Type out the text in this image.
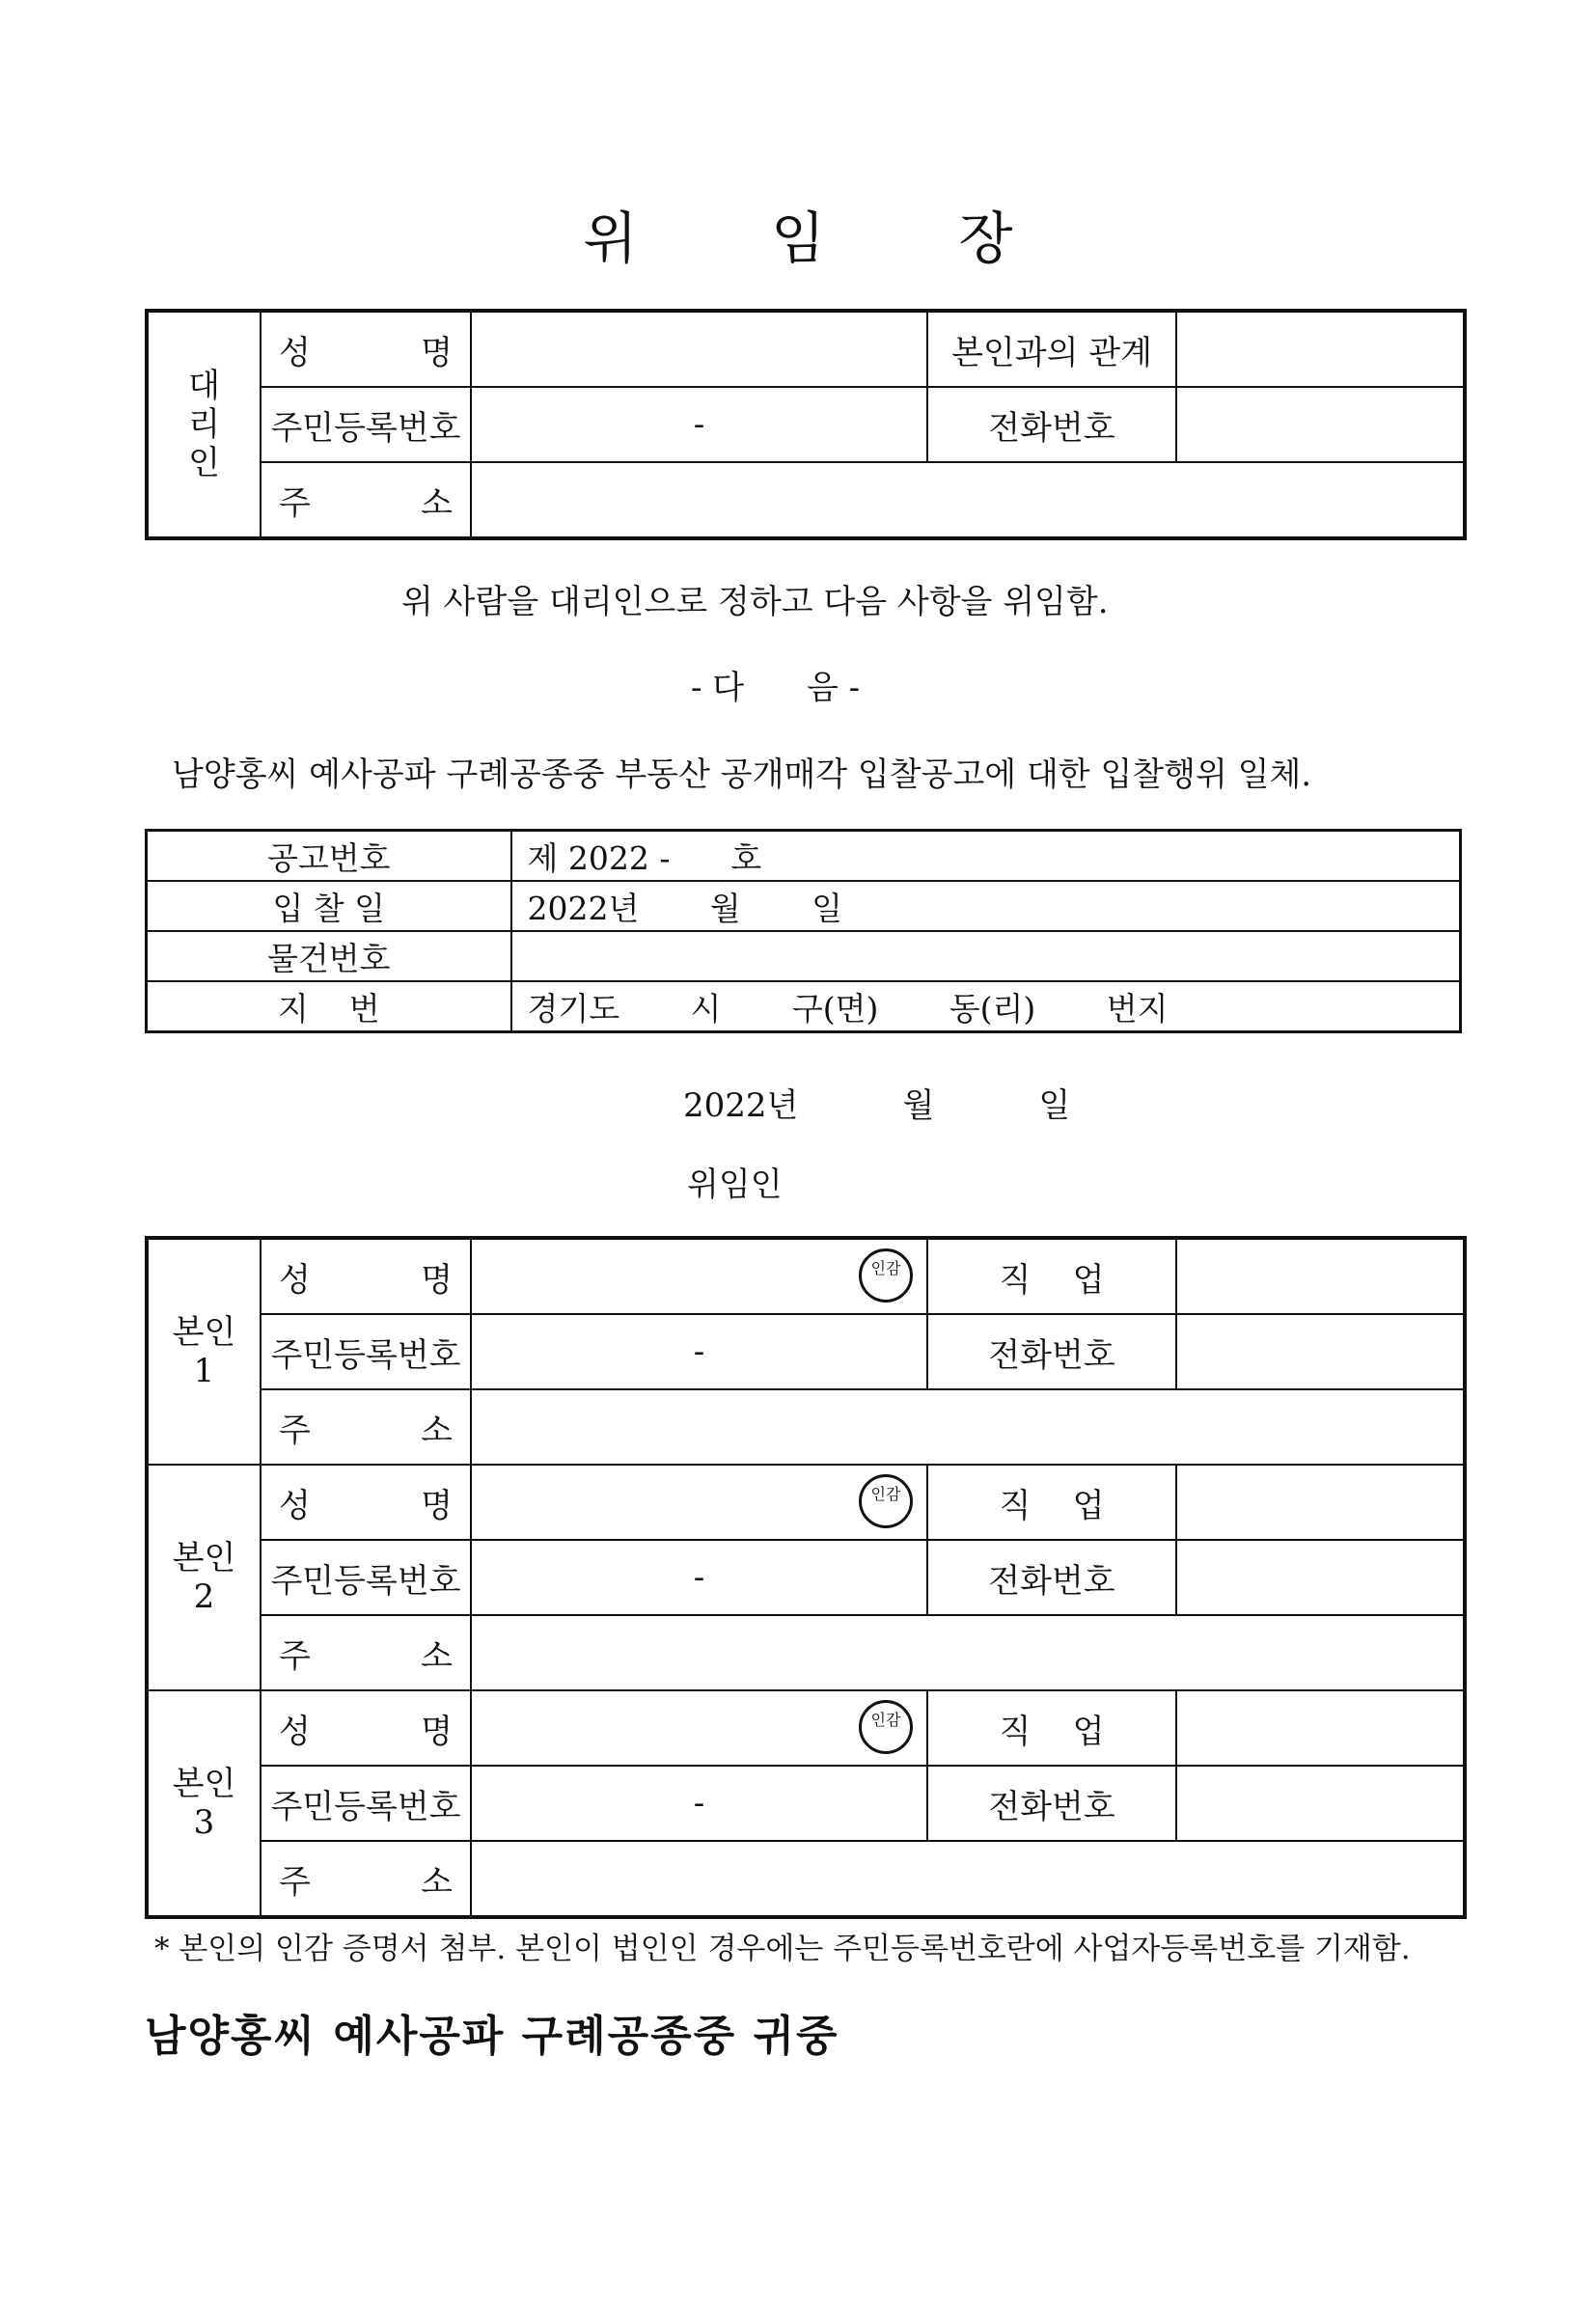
위 임 장
대
리
인	성 명		본인과의 관계	
	주민등록번호	-	전화번호	

	주 소			

위 사람을 대리인으로 정하고 다음 사항을 위임함.
- 다      음 -
남양홍씨 예사공파 구례공종중 부동산 공개매각 입찰공고에 대한 입찰행위 일체.
공고번호	제 2022 -      호
입 찰 일	2022년       월       일
물건번호	
지    번	경기도       시       구(면)       동(리)       번지
2022년          월          일
위임인
본인
1	성 명	인감	직    업	
	주민등록번호	-	전화번호	

	주 소			

본인
2	성 명	인감	직    업	
	주민등록번호	-	전화번호	

	주 소			

본인
3	성 명	인감	직    업	
	주민등록번호	-	전화번호	

	주 소			

* 본인의 인감 증명서 첨부. 본인이 법인인 경우에는 주민등록번호란에 사업자등록번호를 기재함.
남양홍씨 예사공파 구례공종중 귀중
